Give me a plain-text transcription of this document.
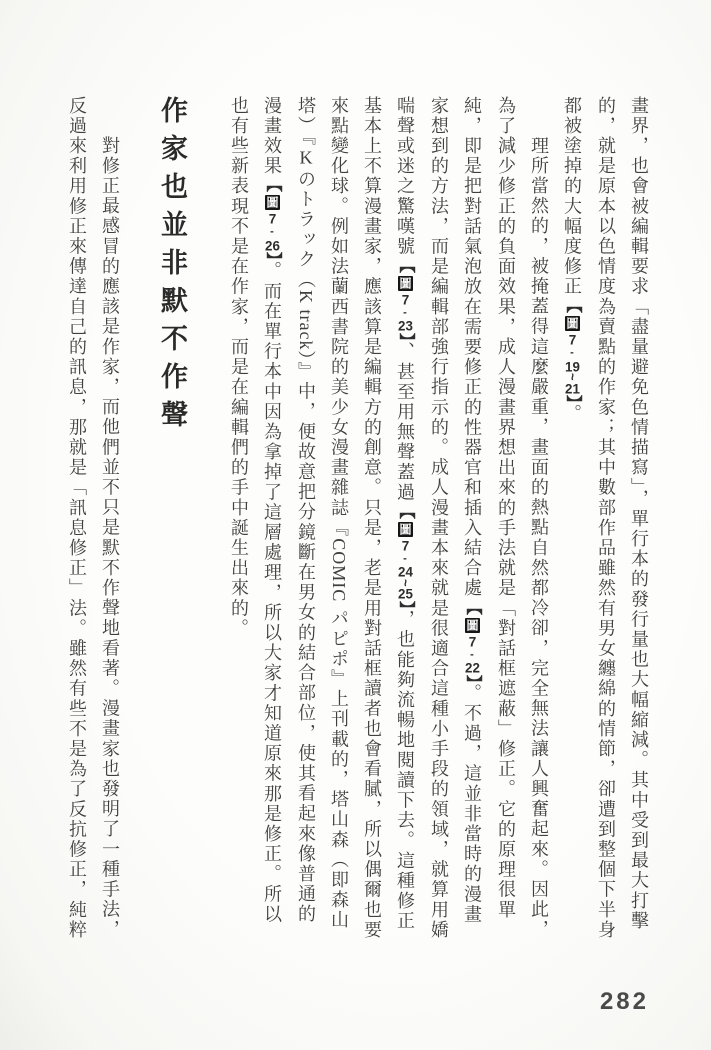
畫界，也會被編輯要求「盡量避免色情描寫」，單行本的發行量也大幅縮減。其中受到最大打擊的，就是原本以色情度為賣點的作家；其中數部作品雖然有男女纏綿的情節，卻遭到整個下半身都被塗掉的大幅度修正【圖7-19~21】。

理所當然的，被掩蓋得這麼嚴重，畫面的熱點自然都冷卻，完全無法讓人興奮起來。因此，為了減少修正的負面效果，成人漫畫界想出來的手法就是「對話框遮蔽」修正。它的原理很單純，即是把對話氣泡放在需要修正的性器官和插入結合處【圖7-22】。不過，這並非當時的漫畫家想到的方法，而是編輯部強行指示的。成人漫畫本來就是很適合這種小手段的領域，就算用嬌喘聲或迷之驚嘆號【圖7-23】、甚至用無聲蓋過【圖7-24~25】，也能夠流暢地閱讀下去。這種修正基本上不算漫畫家，應該算是編輯方的創意。只是，老是用對話框讀者也會看膩，所以偶爾也要來點變化球。例如法蘭西書院的美少女漫畫雜誌『COMIC パピポ』上刊載的，塔山森（即森山塔）『Kのトラック（K track）』中，便故意把分鏡斷在男女的結合部位，使其看起來像普通的漫畫效果【圖7-26】。而在單行本中因為拿掉了這層處理，所以大家才知道原來那是修正。所以也有些新表現不是在作家，而是在編輯們的手中誕生出來的。

作家也並非默不作聲

對修正最感冒的應該是作家，而他們並不只是默不作聲地看著。漫畫家也發明了一種手法，反過來利用修正來傳達自己的訊息，那就是「訊息修正」法。雖然有些不是為了反抗修正，純粹

282
